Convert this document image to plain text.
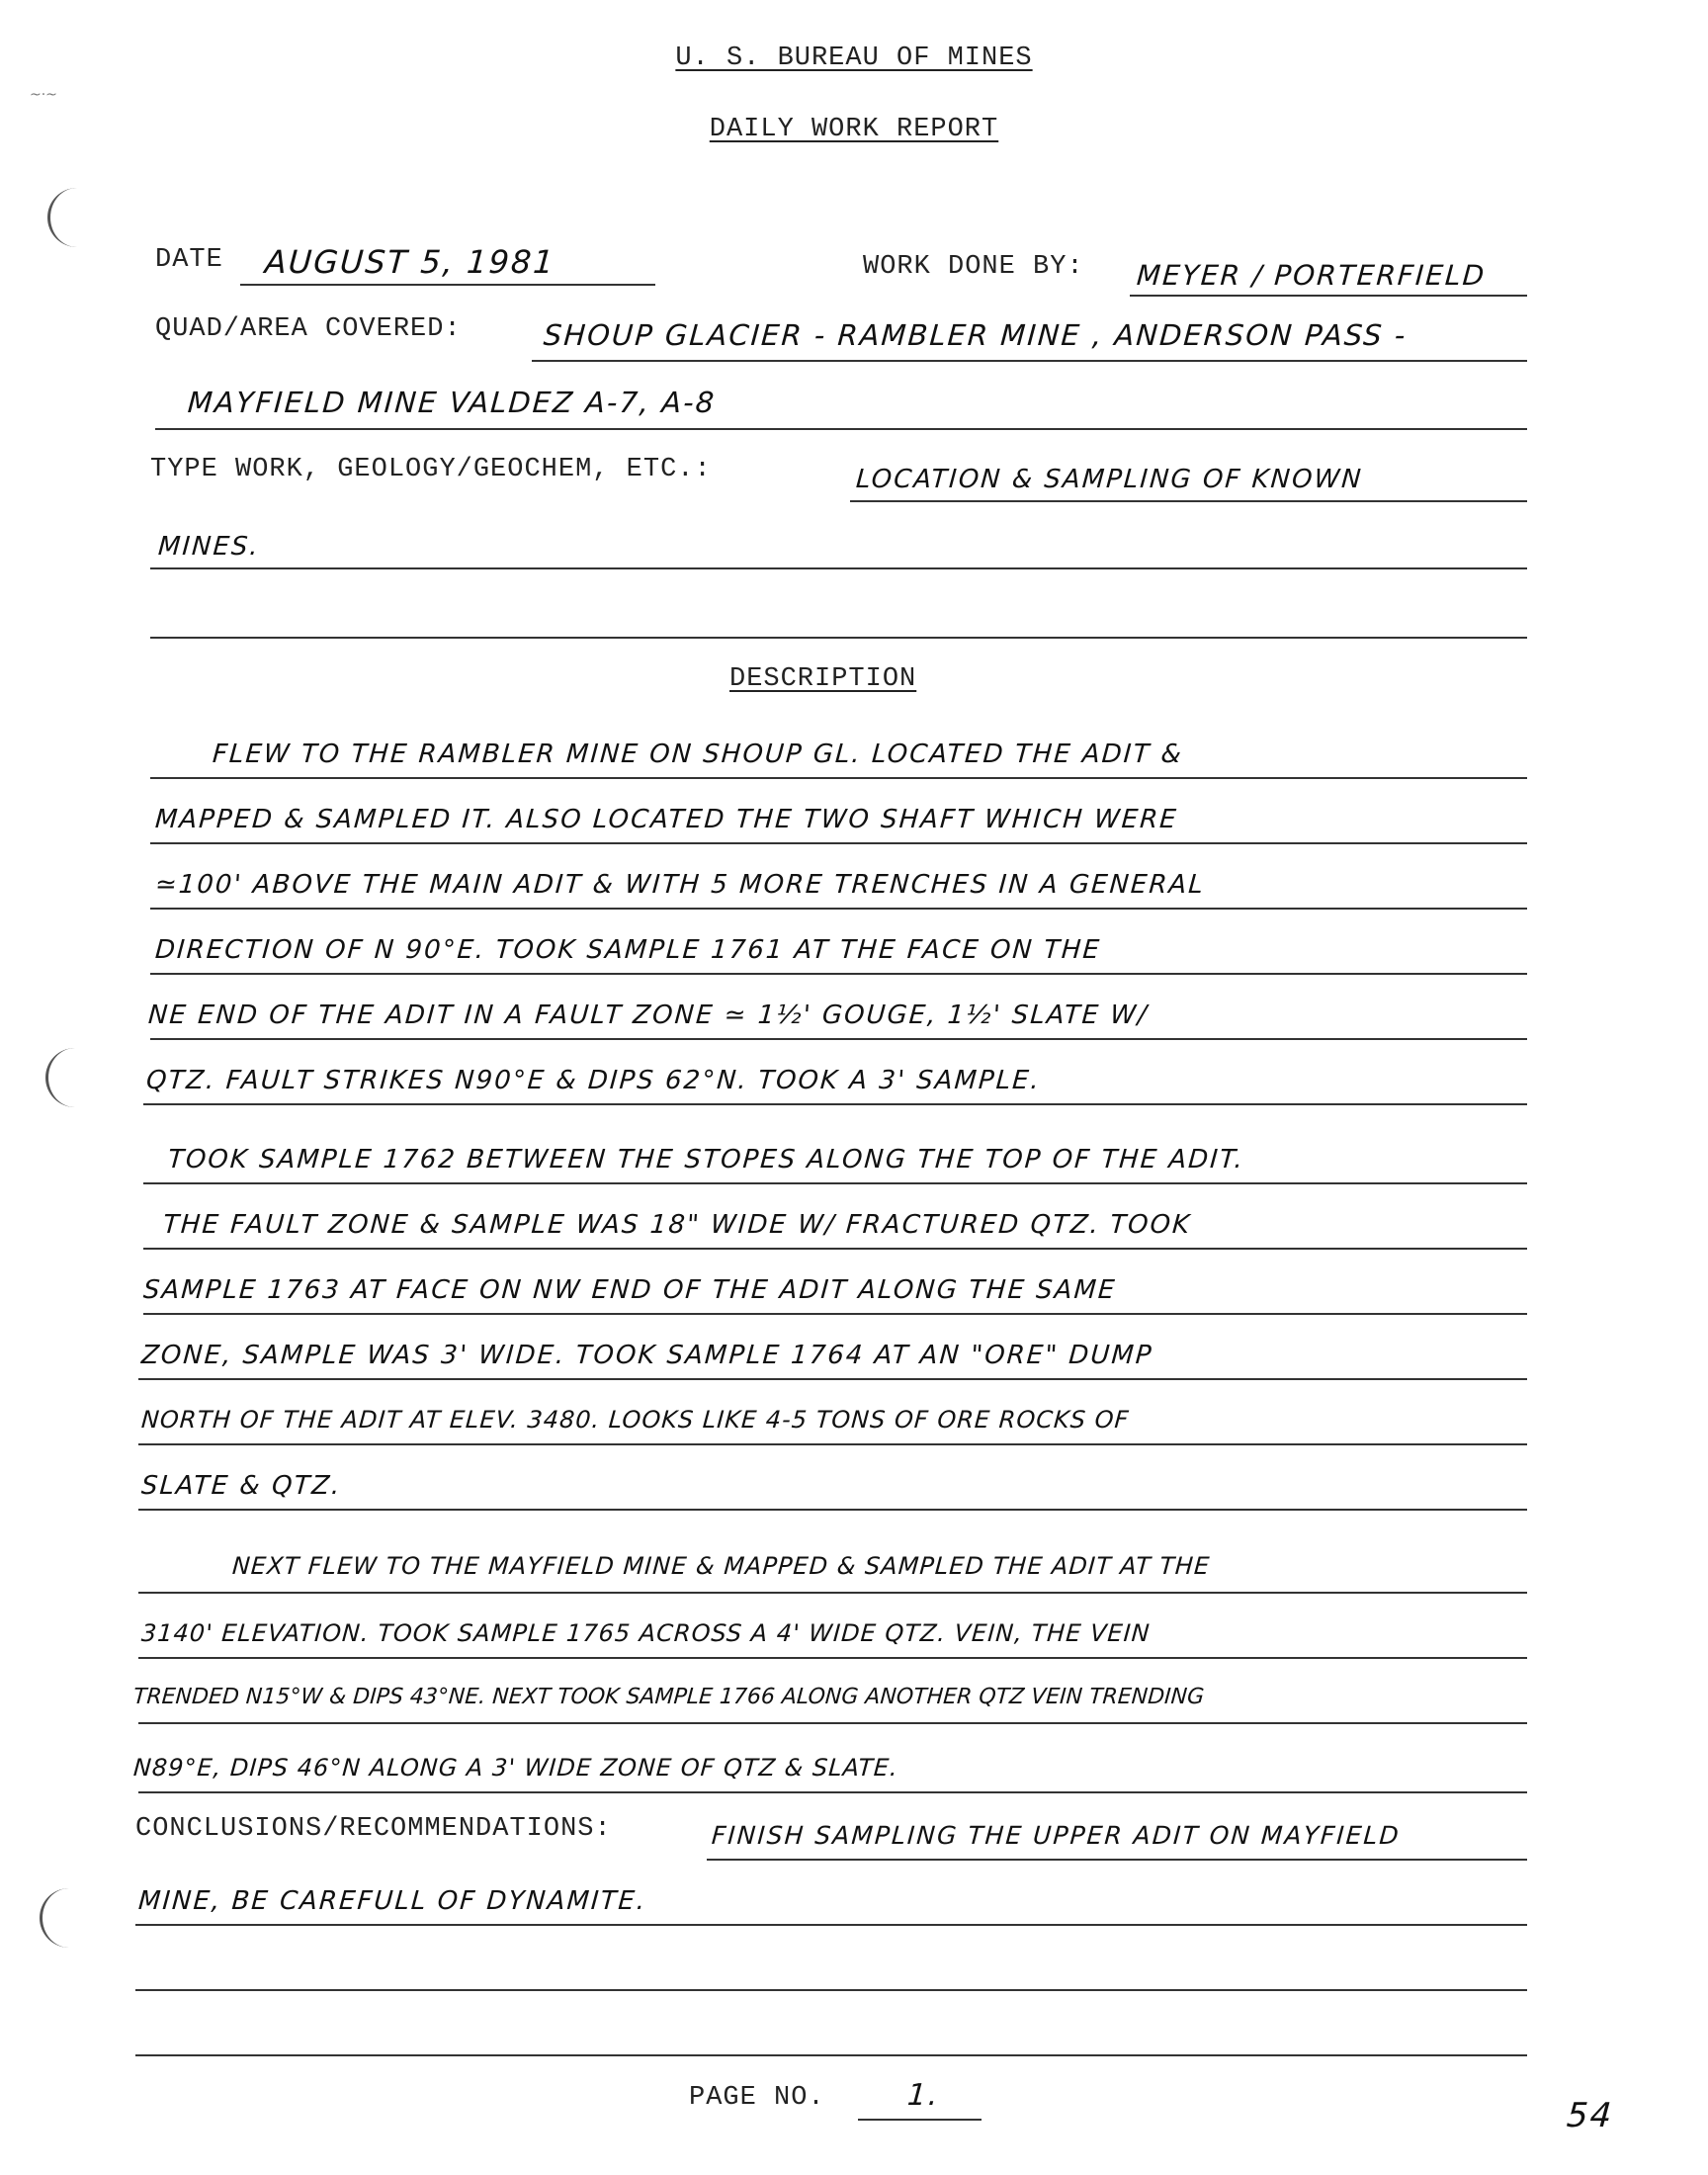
~·~
U. S. BUREAU OF MINES
DAILY WORK REPORT
DATE AUGUST 5, 1981	WORK DONE BY: MEYER / PORTERFIELD
QUAD/AREA COVERED:	SHOUP GLACIER - RAMBLER MINE , ANDERSON PASS -
MAYFIELD MINE VALDEZ A-7, A-8
TYPE WORK, GEOLOGY/GEOCHEM, ETC.:	LOCATION & SAMPLING OF KNOWN
MINES.
DESCRIPTION
FLEW TO THE RAMBLER MINE ON SHOUP GL. LOCATED THE ADIT &
MAPPED & SAMPLED IT. ALSO LOCATED THE TWO SHAFT WHICH WERE
≃100' ABOVE THE MAIN ADIT & WITH 5 MORE TRENCHES IN A GENERAL
DIRECTION OF N 90°E. TOOK SAMPLE 1761 AT THE FACE ON THE
NE END OF THE ADIT IN A FAULT ZONE ≃ 1½' GOUGE, 1½' SLATE W/
QTZ. FAULT STRIKES N90°E & DIPS 62°N. TOOK A 3' SAMPLE.
TOOK SAMPLE 1762 BETWEEN THE STOPES ALONG THE TOP OF THE ADIT.
THE FAULT ZONE & SAMPLE WAS 18" WIDE W/ FRACTURED QTZ. TOOK
SAMPLE 1763 AT FACE ON NW END OF THE ADIT ALONG THE SAME
ZONE, SAMPLE WAS 3' WIDE. TOOK SAMPLE 1764 AT AN "ORE" DUMP
NORTH OF THE ADIT AT ELEV. 3480. LOOKS LIKE 4-5 TONS OF ORE ROCKS OF
SLATE & QTZ.
NEXT FLEW TO THE MAYFIELD MINE & MAPPED & SAMPLED THE ADIT AT THE
3140' ELEVATION. TOOK SAMPLE 1765 ACROSS A 4' WIDE QTZ. VEIN, THE VEIN
TRENDED N15°W & DIPS 43°NE. NEXT TOOK SAMPLE 1766 ALONG ANOTHER QTZ VEIN TRENDING
N89°E, DIPS 46°N ALONG A 3' WIDE ZONE OF QTZ & SLATE.
CONCLUSIONS/RECOMMENDATIONS:	FINISH SAMPLING THE UPPER ADIT ON MAYFIELD
MINE, BE CAREFULL OF DYNAMITE.
PAGE NO.	1.
54
